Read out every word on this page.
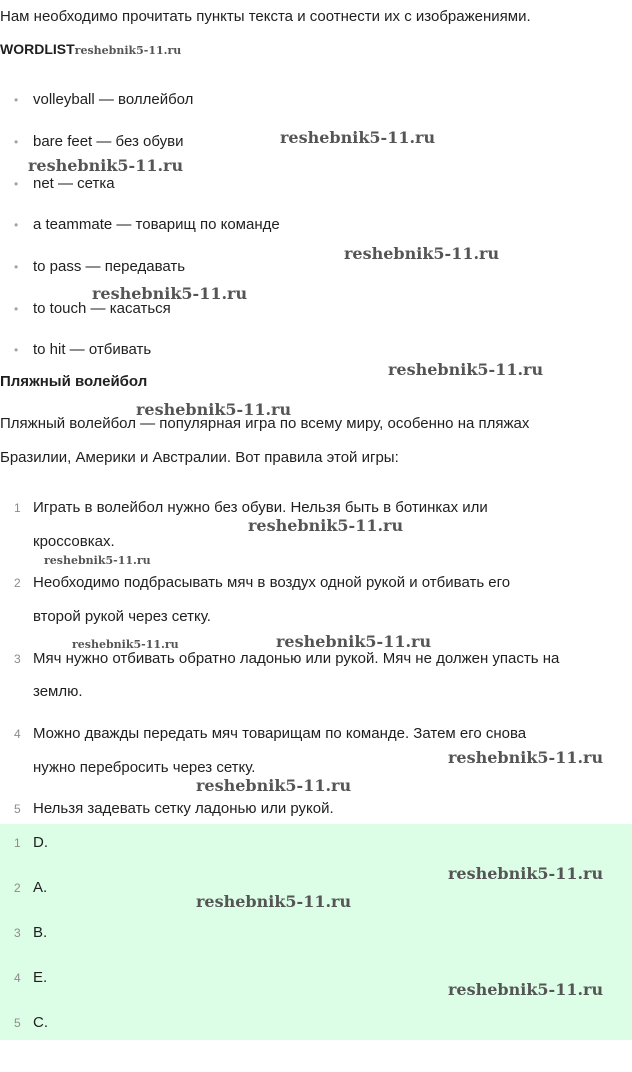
Нам необходимо прочитать пункты текста и соотнести их с изображениями.
WORDLISTreshebnik5-11.ru
• volleyball — воллейбол
• bare feet — без обуви
• net — сетка
• a teammate — товарищ по команде
• to pass — передавать
• to touch — касаться
• to hit — отбивать
Пляжный волейбол
Пляжный волейбол — популярная игра по всему миру, особенно на пляжах
Бразилии, Америки и Австралии. Вот правила этой игры:
1 Играть в волейбол нужно без обуви. Нельзя быть в ботинках или
кроссовках.
2 Необходимо подбрасывать мяч в воздух одной рукой и отбивать его
второй рукой через сетку.
3 Мяч нужно отбивать обратно ладонью или рукой. Мяч не должен упасть на
землю.
4 Можно дважды передать мяч товарищам по команде. Затем его снова
нужно перебросить через сетку.
5 Нельзя задевать сетку ладонью или рукой.
1 D.
2 A.
3 B.
4 E.
5 C.
reshebnik5-11.ru
reshebnik5-11.ru
reshebnik5-11.ru
reshebnik5-11.ru
reshebnik5-11.ru
reshebnik5-11.ru
reshebnik5-11.ru
reshebnik5-11.ru
reshebnik5-11.ru	reshebnik5-11.ru
reshebnik5-11.ru
reshebnik5-11.ru
reshebnik5-11.ru
reshebnik5-11.ru
reshebnik5-11.ru
